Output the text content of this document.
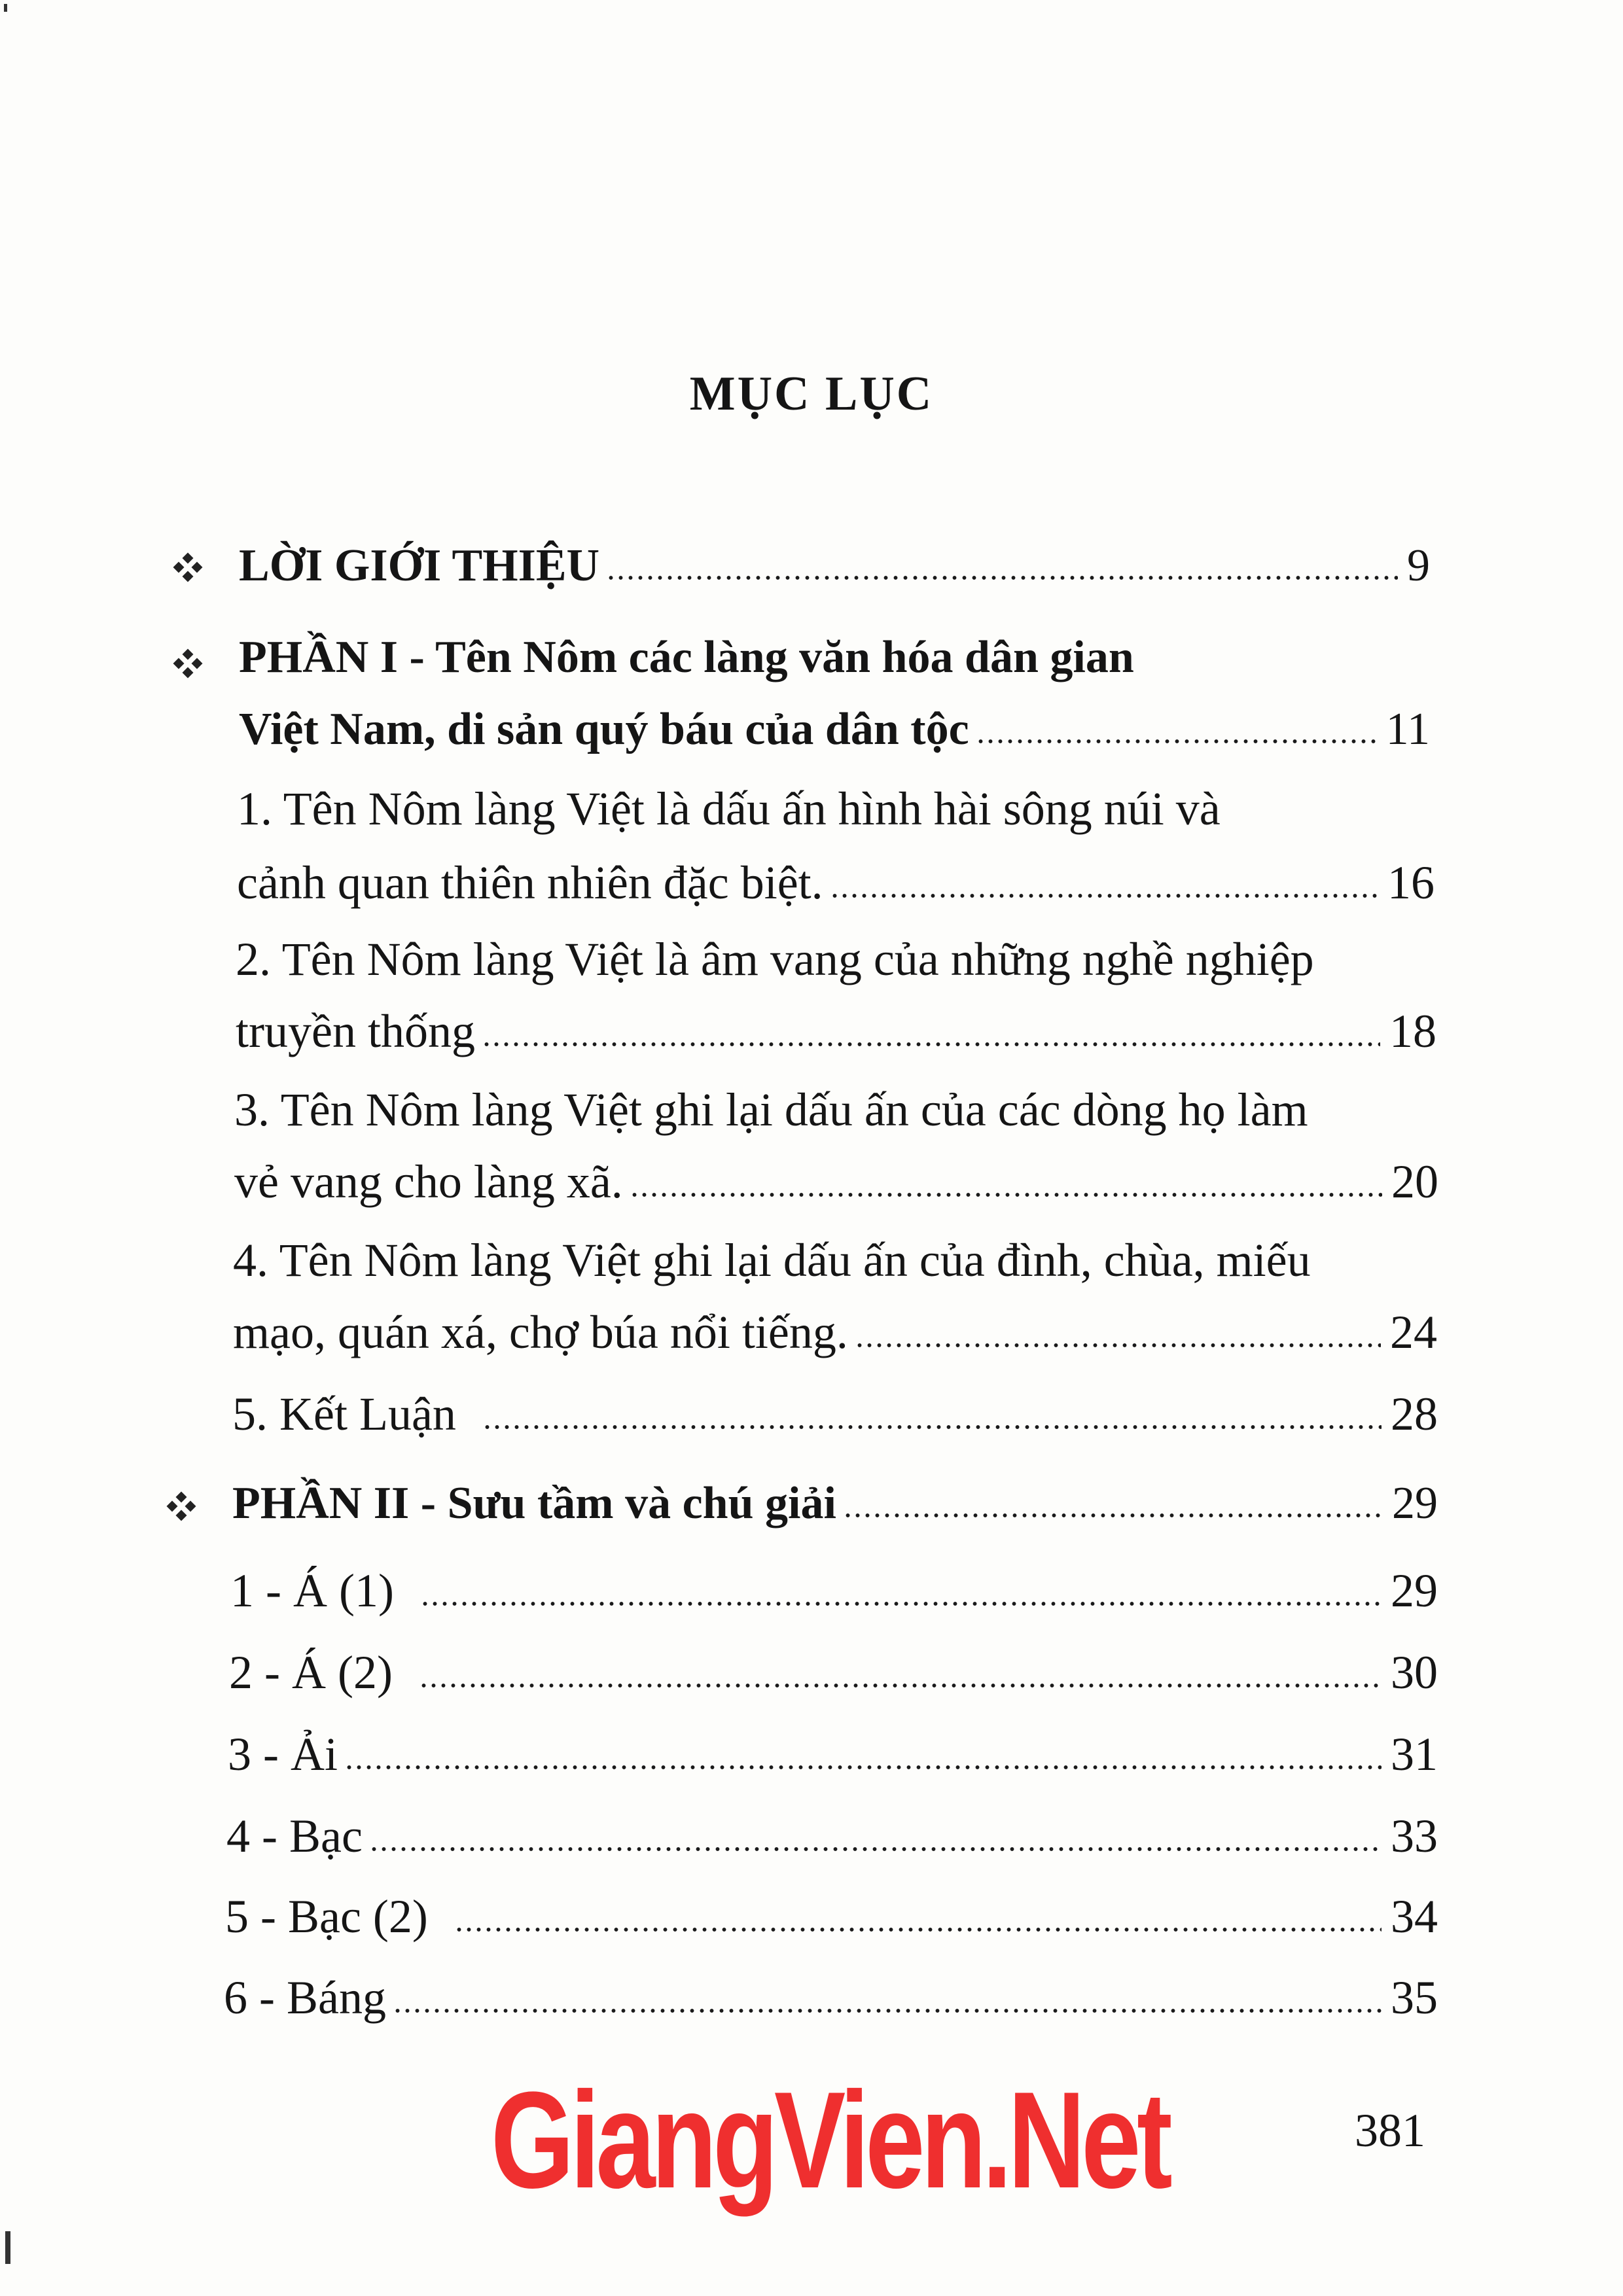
MỤC LỤC
LỜI GIỚI THIỆU	9
PHẦN I - Tên Nôm các làng văn hóa dân gian
Việt Nam, di sản quý báu của dân tộc	11
1. Tên Nôm làng Việt là dấu ấn hình hài sông núi và
cảnh quan thiên nhiên đặc biệt.	16
2. Tên Nôm làng Việt là âm vang của những nghề nghiệp
truyền thống	18
3. Tên Nôm làng Việt ghi lại dấu ấn của các dòng họ làm
vẻ vang cho làng xã.	20
4. Tên Nôm làng Việt ghi lại dấu ấn của đình, chùa, miếu
mạo, quán xá, chợ búa nổi tiếng.	24
5. Kết Luận	28
PHẦN II - Sưu tầm và chú giải	29
1 - Á (1)	29
2 - Á (2)	30
3 - Ải	31
4 - Bạc	33
5 - Bạc (2)	34
6 - Báng	35
GiangVien.Net	381
